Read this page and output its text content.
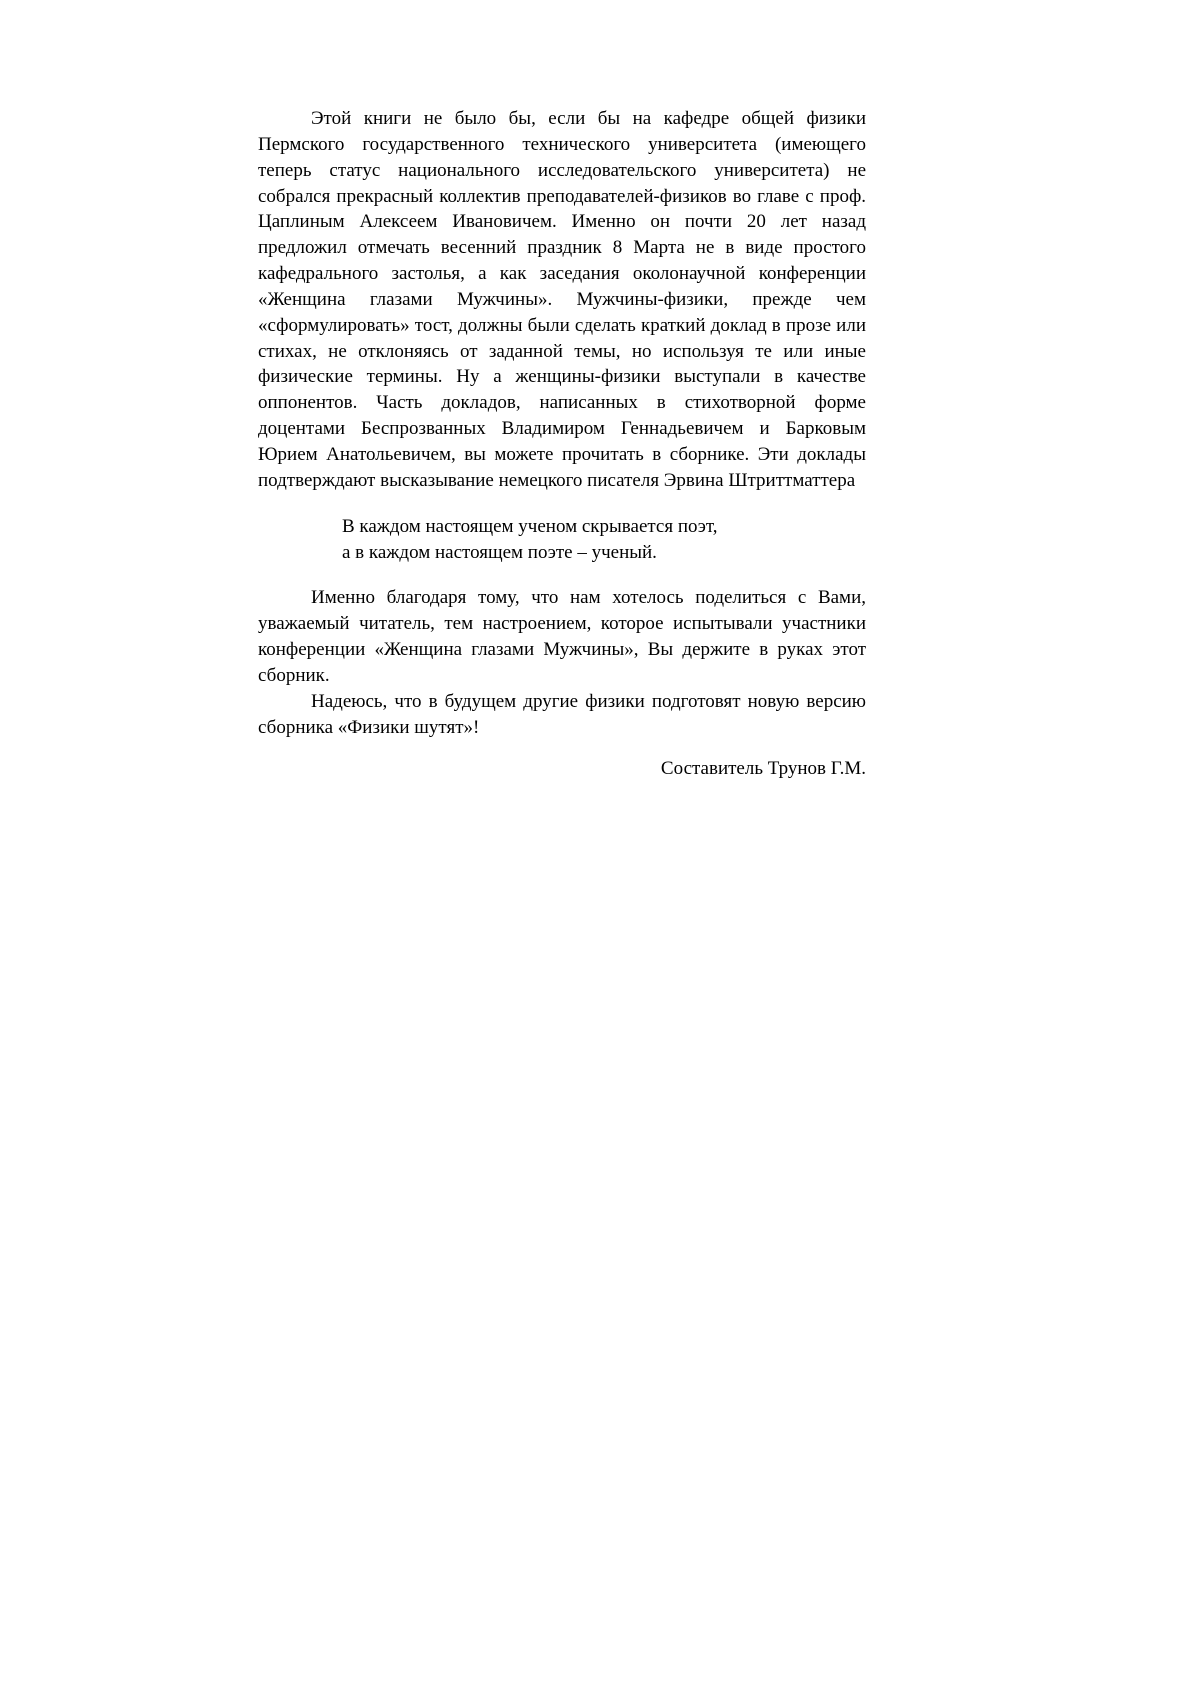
Этой книги не было бы, если бы на кафедре общей физики Пермского государственного технического университета (имеющего теперь статус национального исследовательского университета) не собрался прекрасный коллектив преподавателей-физиков во главе с проф. Цаплиным Алексеем Ивановичем. Именно он почти 20 лет назад предложил отмечать весенний праздник 8 Марта не в виде простого кафедрального застолья, а как заседания околонаучной конференции «Женщина глазами Мужчины». Мужчины-физики, прежде чем «сформулировать» тост, должны были сделать краткий доклад в прозе или стихах, не отклоняясь от заданной темы, но используя те или иные физические термины. Ну а женщины-физики выступали в качестве оппонентов. Часть докладов, написанных в стихотворной форме доцентами Беспрозванных Владимиром Геннадьевичем и Барковым Юрием Анатольевичем, вы можете прочитать в сборнике. Эти доклады подтверждают высказывание немецкого писателя Эрвина Штриттматтера

В каждом настоящем ученом скрывается поэт,
а в каждом настоящем поэте – ученый.

Именно благодаря тому, что нам хотелось поделиться с Вами, уважаемый читатель, тем настроением, которое испытывали участники конференции «Женщина глазами Мужчины», Вы держите в руках этот сборник.

Надеюсь, что в будущем другие физики подготовят новую версию сборника «Физики шутят»!

Составитель Трунов Г.М.
